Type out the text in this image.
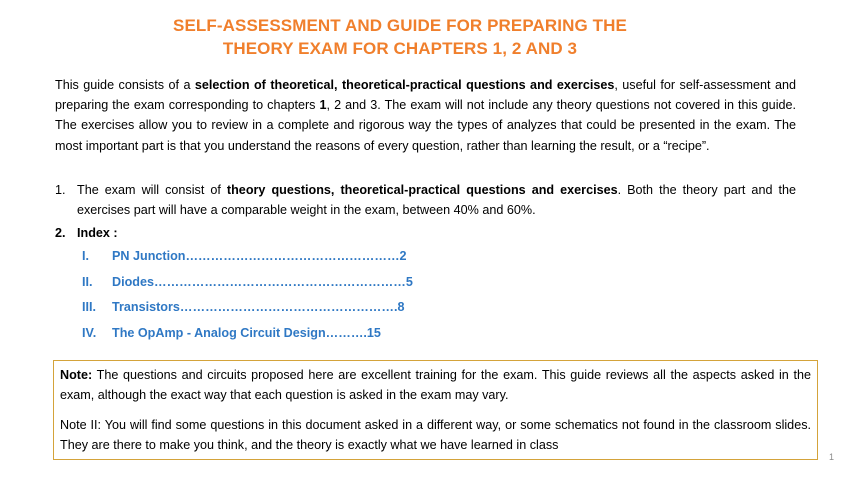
SELF-ASSESSMENT AND GUIDE FOR PREPARING THE
THEORY EXAM FOR CHAPTERS 1, 2 AND 3
This guide consists of a selection of theoretical, theoretical-practical questions and exercises, useful for self-assessment and preparing the exam corresponding to chapters 1, 2 and 3. The exam will not include any theory questions not covered in this guide. The exercises allow you to review in a complete and rigorous way the types of analyzes that could be presented in the exam. The most important part is that you understand the reasons of every question, rather than learning the result, or a “recipe”.
1. The exam will consist of theory questions, theoretical-practical questions and exercises. Both the theory part and the exercises part will have a comparable weight in the exam, between 40% and 60%.
2. Index :
I. PN Junction……………………………………………2
II. Diodes……………………………………………………5
III. Transistors…………………………………………….8
IV. The OpAmp - Analog Circuit Design……….15

Note: The questions and circuits proposed here are excellent training for the exam. This guide reviews all the aspects asked in the exam, although the exact way that each question is asked in the exam may vary.

Note II: You will find some questions in this document asked in a different way, or some schematics not found in the classroom slides. They are there to make you think, and the theory is exactly what we have learned in class

1
